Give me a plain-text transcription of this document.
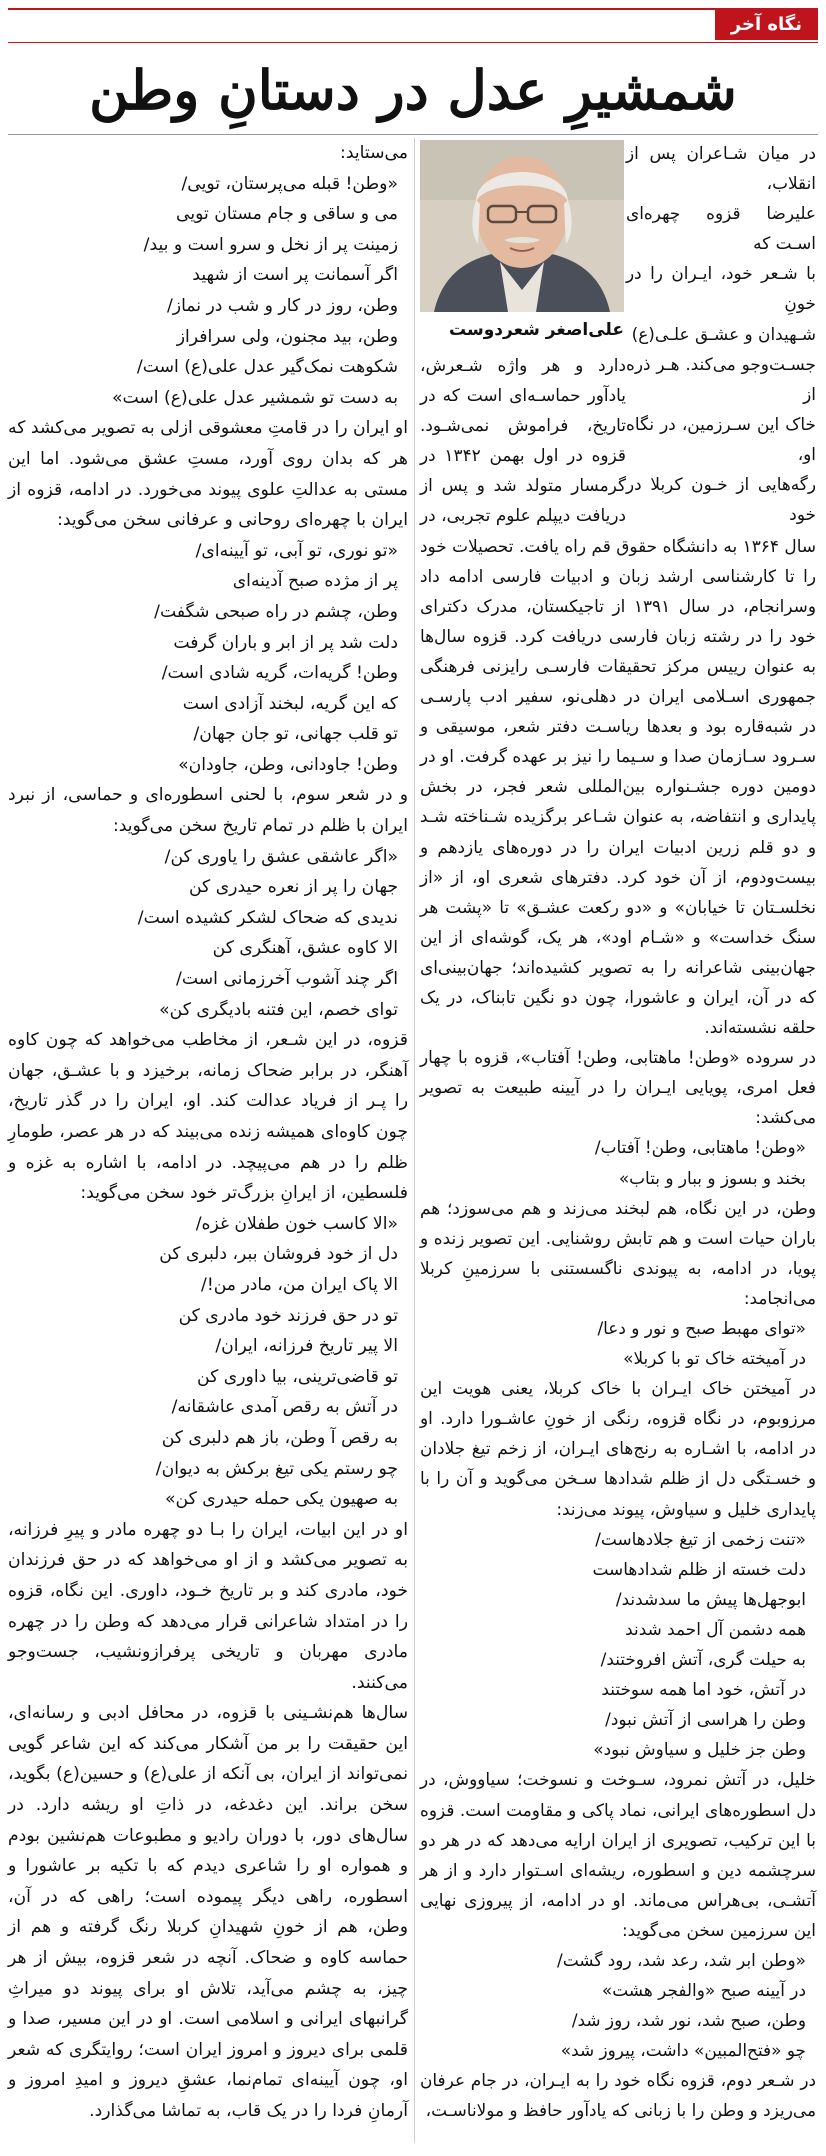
نگاه آخر
شمشیرِ عدل در دستانِ وطن

در میان شـاعران پس از انقلاب،

علیرضا قزوه چهره‌ای اسـت که

با شـعر خود، ایـران را در خونِ

شـهیدان و عشـق علـی(ع)

جسـت‌وجو می‌کند. هـر ذره از

خاک این سـرزمین، در نگاه او،

رگه‌هایی از خـون کربلا در خود

علی‌اصغر شعردوست

دارد و هر واژه شـعرش، یادآور حماسـه‌ای است که در تاریخ، فراموش نمی‌شـود. قزوه در اول بهمن ۱۳۴۲ در گرمسار متولد شد و پس از دریافت دیپلم علوم تجربی، در سال ۱۳۶۴ به دانشگاه حقوق قم راه یافت. تحصیلات خود را تا کارشناسی ارشد زبان و ادبیات فارسی ادامه داد وسرانجام، در سال ۱۳۹۱ از تاجیکستان، مدرک دکترای خود را در رشته زبان فارسی دریافت کرد. قزوه سال‌ها به عنوان رییس مرکز تحقیقات فارسـی رایزنی فرهنگی جمهوری اسـلامی ایران در دهلی‌نو، سفیر ادب پارسـی در شبه‌قاره بود و بعدها ریاسـت دفتر شعر، موسیقی و سـرود سـازمان صدا و سـیما را نیز بر عهده گرفت. او در دومین دوره جشـنواره بین‌المللی شعر فجر، در بخش پایداری و انتفاضه، به عنوان شـاعر برگزیده شـناخته شـد و دو قلم زرین ادبیات ایران را در دوره‌های یازدهم و بیست‌ودوم، از آن خود کرد. دفترهای شعری او، از «از نخلسـتان تا خیابان» و «دو رکعت عشـق» تا «پشت هر سنگ خداست» و «شـام اود»، هر یک، گوشه‌ای از این جهان‌بینی شاعرانه را به تصویر کشیده‌اند؛ جهان‌بینی‌ای که در آن، ایران و عاشورا، چون دو نگین تابناک، در یک حلقه نشسته‌اند.

در سروده «وطن! ماهتابی، وطن! آفتاب»، قزوه با چهار فعل امری، پویایی ایـران را در آیینه طبیعت به تصویر می‌کشد:

«وطن! ماهتابی، وطن! آفتاب/

بخند و بسوز و ببار و بتاب»

وطن، در این نگاه، هم لبخند می‌زند و هم می‌سوزد؛ هم باران حیات است و هم تابش روشنایی. این تصویر زنده و پویا، در ادامه، به پیوندی ناگسستنی با سرزمینِ کربلا می‌انجامد:

«توای مهبط صبح و نور و دعا/

در آمیخته خاک تو با کربلا»

در آمیختن خاک ایـران با خاک کربلا، یعنی هویت این مرزوبوم، در نگاه قزوه، رنگی از خونِ عاشـورا دارد. او در ادامه، با اشـاره به رنج‌های ایـران، از زخم تیغ جلادان و خسـتگی دل از ظلم شدادها سـخن می‌گوید و آن را با پایداری خلیل و سیاوش، پیوند می‌زند:

«تنت زخمی از تیغ جلادهاست/

دلت خسته از ظلم شدادهاست

ابوجهل‌ها پیش ما سدشدند/

همه دشمن آل احمد شدند

به حیلت گری، آتش افروختند/

در آتش، خود اما همه سوختند

وطن را هراسی از آتش نبود/

وطن جز خلیل و سیاوش نبود»

خلیل، در آتش نمرود، سـوخت و نسوخت؛ سیاووش، در دل اسطوره‌های ایرانی، نماد پاکی و مقاومت است. قزوه با این ترکیب، تصویری از ایران ارایه می‌دهد که در هر دو سرچشمه دین و اسطوره، ریشه‌ای اسـتوار دارد و از هر آتشـی، بی‌هراس می‌ماند. او در ادامه، از پیروزی نهایی این سرزمین سخن می‌گوید:

«وطن ابر شد، رعد شد، رود گشت/

در آیینه صبح «والفجر هشت»

وطن، صبح شد، نور شد، روز شد/

چو «فتح‌المبین» داشت، پیروز شد»

در شـعر دوم، قزوه نگاه خود را به ایـران، در جام عرفان می‌ریزد و وطن را با زبانی که یادآور حافظ و مولاناسـت،

می‌ستاید:

«وطن! قبله می‌پرستان، تویی/

می و ساقی و جام مستان تویی

زمینت پر از نخل و سرو است و بید/

اگر آسمانت پر است از شهید

وطن، روز در کار و شب در نماز/

وطن، بید مجنون، ولی سرافراز

شکوهت نمک‌گیر عدل علی(ع) است/

به دست تو شمشیر عدل علی(ع) است»

او ایران را در قامتِ معشوقی ازلی به تصویر می‌کشد که هر که بدان روی آورد، مستِ عشق می‌شود. اما این مستی به عدالتِ علوی پیوند می‌خورد. در ادامه، قزوه از ایران با چهره‌ای روحانی و عرفانی سخن می‌گوید:

«تو نوری، تو آبی، تو آیینه‌ای/

پر از مژده صبح آدینه‌ای

وطن، چشم در راه صبحی شگفت/

دلت شد پر از ابر و باران گرفت

وطن! گریه‌ات، گریه شادی است/

که این گریه، لبخند آزادی است

تو قلب جهانی، تو جان جهان/

وطن! جاودانی، وطن، جاودان»

و در شعر سوم، با لحنی اسطوره‌ای و حماسی، از نبرد ایران با ظلم در تمام تاریخ سخن می‌گوید:

«اگر عاشقی عشق را یاوری کن/

جهان را پر از نعره حیدری کن

ندیدی که ضحاک لشکر کشیده است/

الا کاوه عشق، آهنگری کن

اگر چند آشوب آخرزمانی است/

توای خصم، این فتنه بادیگری کن»

قزوه، در این شـعر، از مخاطب می‌خواهد که چون کاوه آهنگر، در برابر ضحاک زمانه، برخیزد و با عشـق، جهان را پـر از فریاد عدالت کند. او، ایران را در گذر تاریخ، چون کاوه‌ای همیشه زنده می‌بیند که در هر عصر، طومارِ ظلم را در هم می‌پیچد. در ادامه، با اشاره به غزه و فلسطین، از ایرانِ بزرگ‌تر خود سخن می‌گوید:

«الا کاسب خون طفلان غزه/

دل از خود فروشان ببر، دلبری کن

الا پاک ایران من، مادر من!/

تو در حق فرزند خود مادری کن

الا پیر تاریخ فرزانه، ایران/

تو قاضی‌ترینی، بیا داوری کن

در آتش به رقص آمدی عاشقانه/

به رقص آ وطن، باز هم دلبری کن

چو رستم یکی تیغ برکش به دیوان/

به صهیون یکی حمله حیدری کن»

او در این ابیات، ایران را بـا دو چهره مادر و پیرِ فرزانه، به تصویر می‌کشد و از او می‌خواهد که در حق فرزندان خود، مادری کند و بر تاریخ خـود، داوری. این نگاه، قزوه را در امتداد شاعرانی قرار می‌دهد که وطن را در چهره مادری مهربان و تاریخی پرفرازونشیب، جست‌وجو می‌کنند.

سال‌ها هم‌نشـینی با قزوه، در محافل ادبی و رسانه‌ای، این حقیقت را بر من آشکار می‌کند که این شاعر گویی نمی‌تواند از ایران، بی آنکه از علی(ع) و حسین(ع) بگوید، سخن براند. این دغدغه، در ذاتِ او ریشه دارد. در سال‌های دور، با دوران رادیو و مطبوعات هم‌نشین بودم و همواره او را شاعری دیدم که با تکیه بر عاشورا و اسطوره، راهی دیگر پیموده است؛ راهی که در آن، وطن، هم از خونِ شهیدانِ کربلا رنگ گرفته و هم از حماسه کاوه و ضحاک. آنچه در شعر قزوه، بیش از هر چیز، به چشم می‌آید، تلاش او برای پیوند دو میراثِ گرانبهای ایرانی و اسلامی است. او در این مسیر، صدا و قلمی برای دیروز و امروز ایران است؛ روایتگری که شعر او، چون آیینه‌ای تمام‌نما، عشقِ دیروز و امیدِ امروز و آرمانِ فردا را در یک قاب، به تماشا می‌گذارد.
